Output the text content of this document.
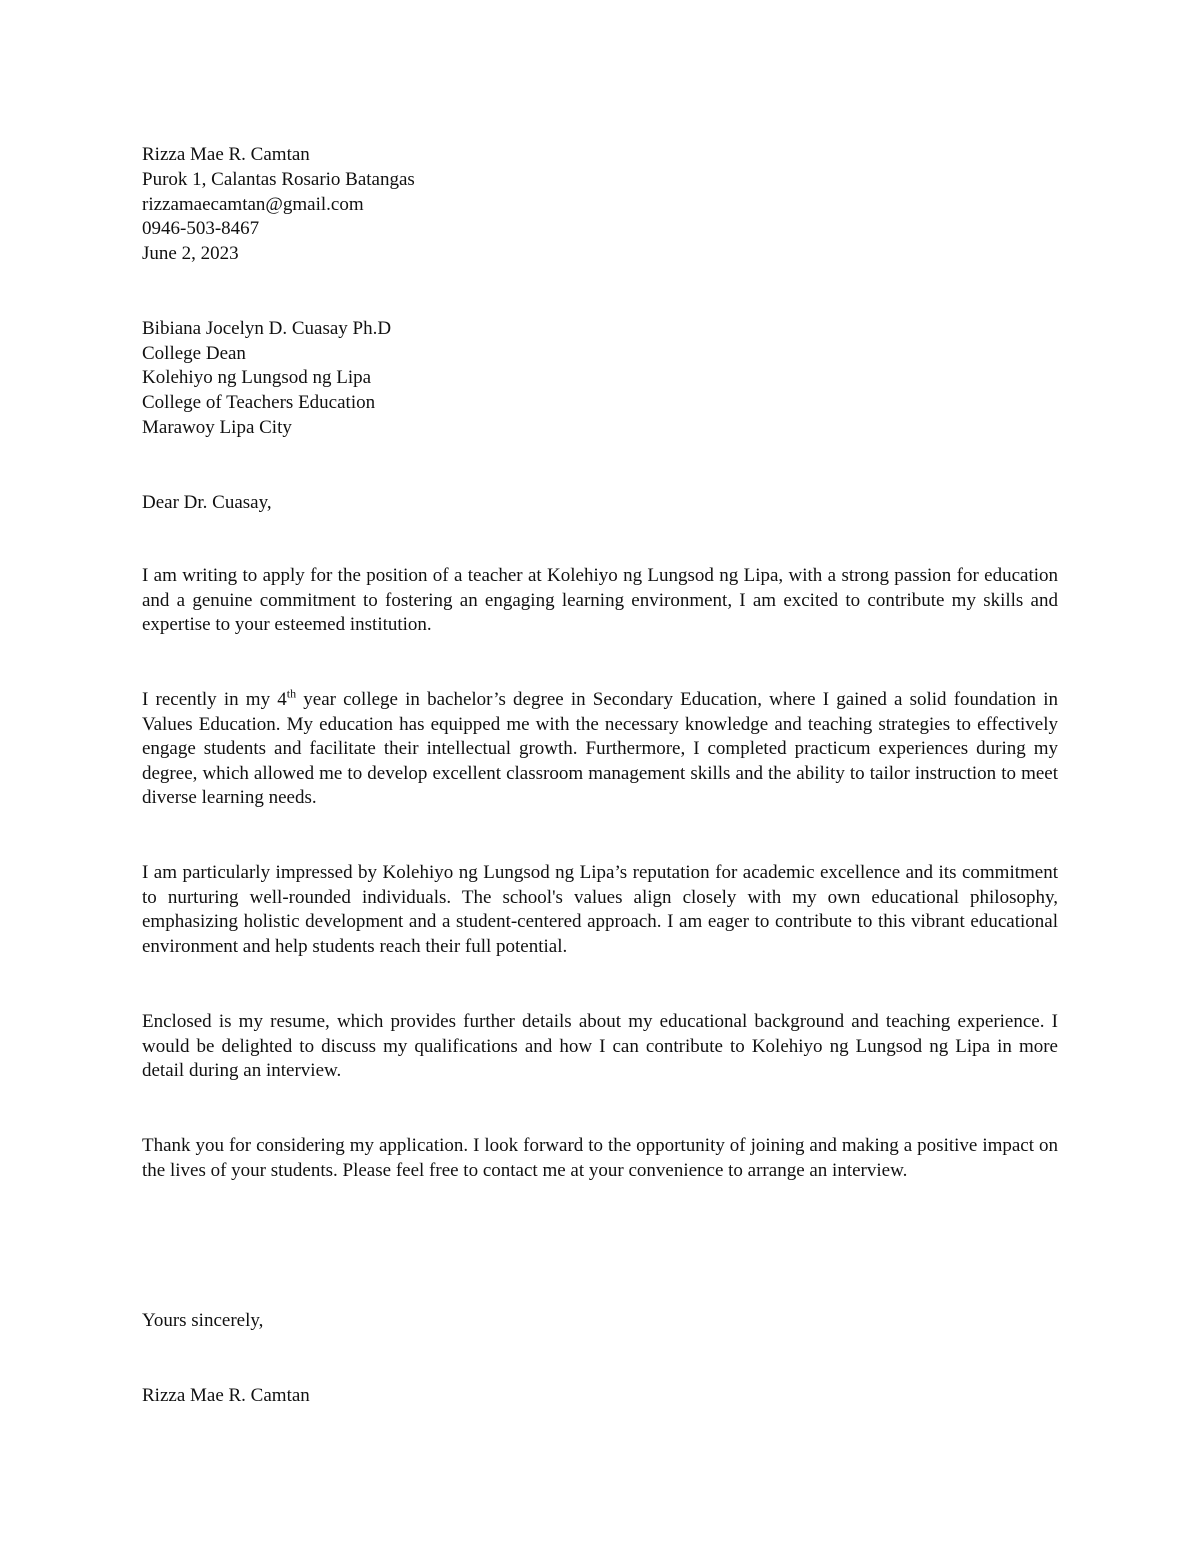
Rizza Mae R. Camtan
Purok 1, Calantas Rosario Batangas
rizzamaecamtan@gmail.com
0946-503-8467
June 2, 2023
Bibiana Jocelyn D. Cuasay Ph.D
College Dean
Kolehiyo ng Lungsod ng Lipa
College of Teachers Education
Marawoy Lipa City
Dear Dr. Cuasay,

I am writing to apply for the position of a teacher at Kolehiyo ng Lungsod ng Lipa, with a strong passion for education and a genuine commitment to fostering an engaging learning environment, I am excited to contribute my skills and expertise to your esteemed institution.

I recently in my 4th year college in bachelor’s degree in Secondary Education, where I gained a solid foundation in Values Education. My education has equipped me with the necessary knowledge and teaching strategies to effectively engage students and facilitate their intellectual growth. Furthermore, I completed practicum experiences during my degree, which allowed me to develop excellent classroom management skills and the ability to tailor instruction to meet diverse learning needs.

I am particularly impressed by Kolehiyo ng Lungsod ng Lipa’s reputation for academic excellence and its commitment to nurturing well-rounded individuals. The school's values align closely with my own educational philosophy, emphasizing holistic development and a student-centered approach. I am eager to contribute to this vibrant educational environment and help students reach their full potential.

Enclosed is my resume, which provides further details about my educational background and teaching experience. I would be delighted to discuss my qualifications and how I can contribute to Kolehiyo ng Lungsod ng Lipa in more detail during an interview.

Thank you for considering my application. I look forward to the opportunity of joining and making a positive impact on the lives of your students. Please feel free to contact me at your convenience to arrange an interview.

Yours sincerely,
Rizza Mae R. Camtan
